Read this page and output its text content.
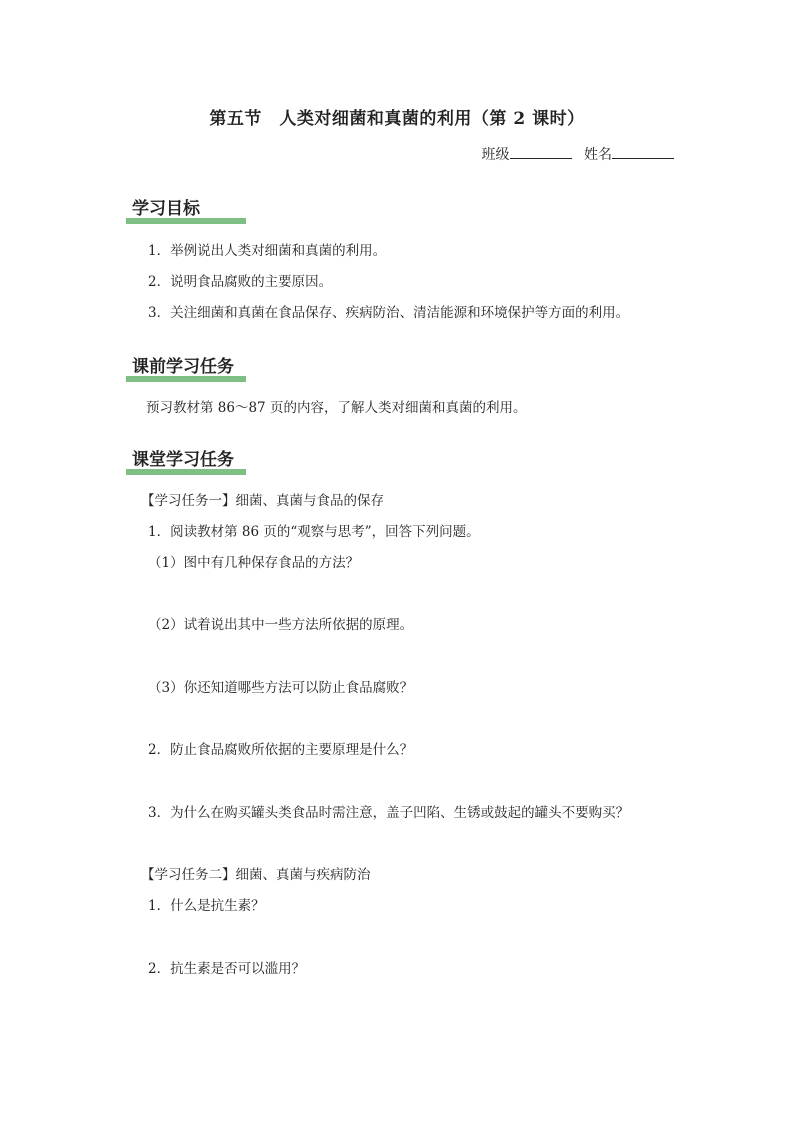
第五节　人类对细菌和真菌的利用（第 2 课时）
班级	姓名
学习目标
1．举例说出人类对细菌和真菌的利用。
2．说明食品腐败的主要原因。
3．关注细菌和真菌在食品保存、疾病防治、清洁能源和环境保护等方面的利用。
课前学习任务
预习教材第 86～87 页的内容，了解人类对细菌和真菌的利用。
课堂学习任务
【学习任务一】细菌、真菌与食品的保存
1．阅读教材第 86 页的“观察与思考”，回答下列问题。
（1）图中有几种保存食品的方法？
（2）试着说出其中一些方法所依据的原理。
（3）你还知道哪些方法可以防止食品腐败？
2．防止食品腐败所依据的主要原理是什么？
3．为什么在购买罐头类食品时需注意，盖子凹陷、生锈或鼓起的罐头不要购买？
【学习任务二】细菌、真菌与疾病防治
1．什么是抗生素？
2．抗生素是否可以滥用？
